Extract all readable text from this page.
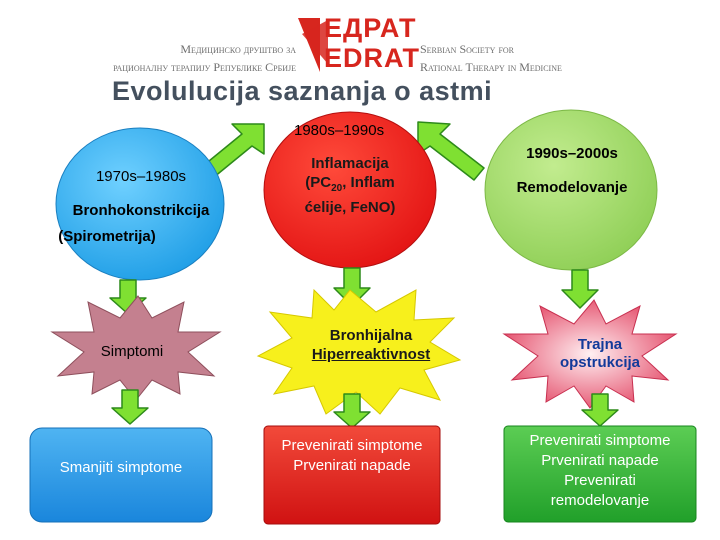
Медицинско друштво за
рационалну терапију Републике Србије
ЕДРАТ
EDRAT Serbian Society for
Rational Therapy in Medicine
Evolulucija saznanja o astmi
1980s–1990s
1970s–1980s
Bronhokonstrikcija
(Spirometrija)
Inflamacija
($PC_{20}$, Inflam
ćelije, FeNO)
1990s–2000s
Remodelovanje
Simptomi
Bronhijalna
Hiperreaktivnost
Trajna
opstrukcija
Smanjiti simptome
Prevenirati simptome
Prvenirati napade
Prevenirati simptome
Prvenirati napade
Prevenirati
remodelovanje
